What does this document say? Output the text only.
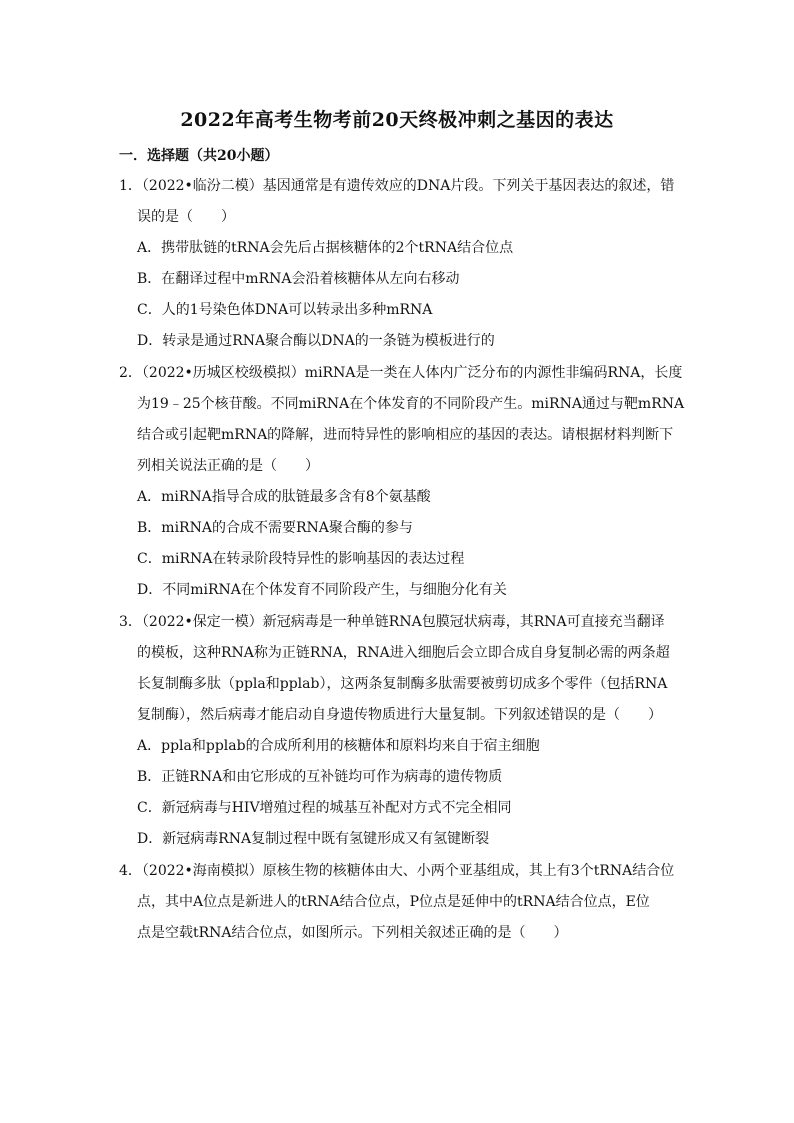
2022年高考生物考前20天终极冲刺之基因的表达
一．选择题（共20小题）
1．（2022•临汾二模）基因通常是有遗传效应的DNA片段。下列关于基因表达的叙述，错
误的是（　　）
A．携带肽链的tRNA会先后占据核糖体的2个tRNA结合位点
B．在翻译过程中mRNA会沿着核糖体从左向右移动
C．人的1号染色体DNA可以转录出多种mRNA
D．转录是通过RNA聚合酶以DNA的一条链为模板进行的
2．（2022•历城区校级模拟）miRNA是一类在人体内广泛分布的内源性非编码RNA，长度
为19﹣25个核苷酸。不同miRNA在个体发育的不同阶段产生。miRNA通过与靶mRNA
结合或引起靶mRNA的降解，进而特异性的影响相应的基因的表达。请根据材料判断下
列相关说法正确的是（　　）
A．miRNA指导合成的肽链最多含有8个氨基酸
B．miRNA的合成不需要RNA聚合酶的参与
C．miRNA在转录阶段特异性的影响基因的表达过程
D．不同miRNA在个体发育不同阶段产生，与细胞分化有关
3．（2022•保定一模）新冠病毒是一种单链RNA包膜冠状病毒，其RNA可直接充当翻译
的模板，这种RNA称为正链RNA，RNA进入细胞后会立即合成自身复制必需的两条超
长复制酶多肽（ppla和pplab），这两条复制酶多肽需要被剪切成多个零件（包括RNA
复制酶），然后病毒才能启动自身遗传物质进行大量复制。下列叙述错误的是（　　）
A．ppla和pplab的合成所利用的核糖体和原料均来自于宿主细胞
B．正链RNA和由它形成的互补链均可作为病毒的遗传物质
C．新冠病毒与HIV增殖过程的城基互补配对方式不完全相同
D．新冠病毒RNA复制过程中既有氢键形成又有氢键断裂
4．（2022•海南模拟）原核生物的核糖体由大、小两个亚基组成，其上有3个tRNA结合位
点，其中A位点是新进人的tRNA结合位点，P位点是延伸中的tRNA结合位点，E位
点是空载tRNA结合位点，如图所示。下列相关叙述正确的是（　　）
